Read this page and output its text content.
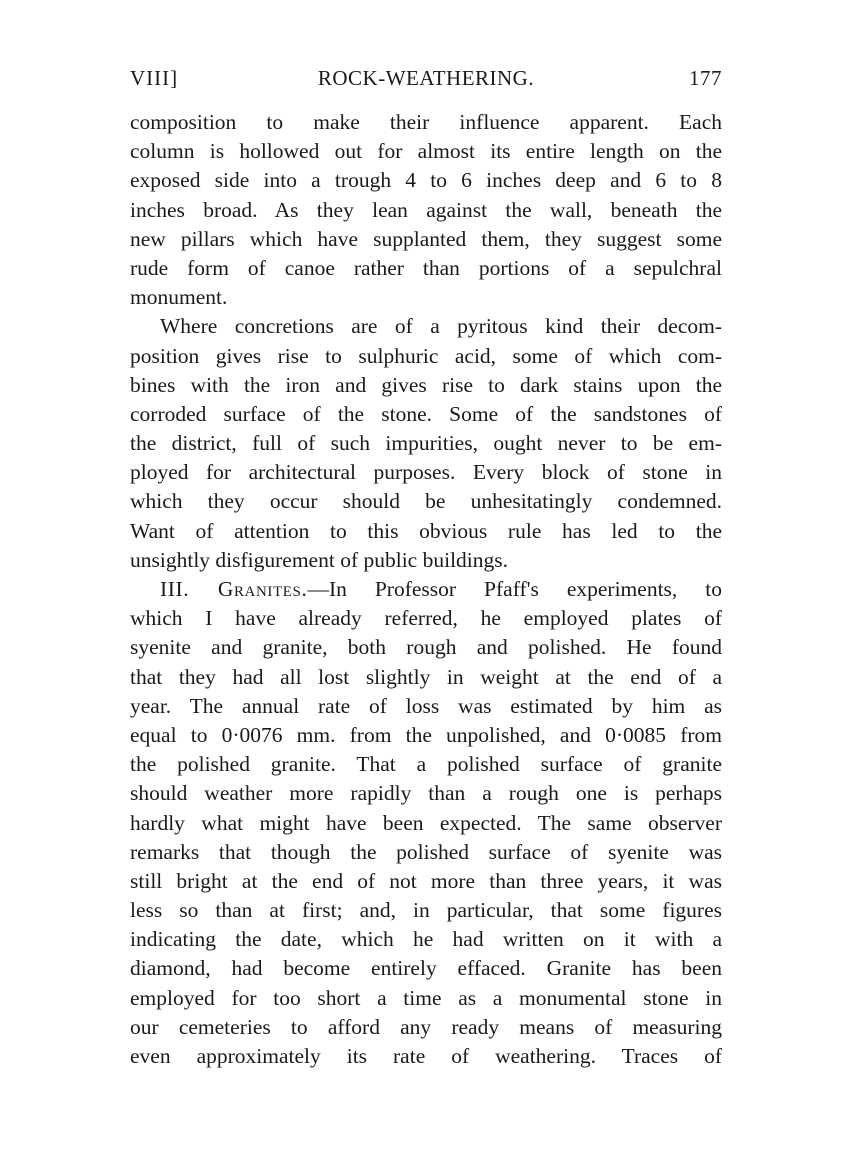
VIII]	ROCK-WEATHERING.	177
composition to make their influence apparent. Each
column is hollowed out for almost its entire length on the
exposed side into a trough 4 to 6 inches deep and 6 to 8
inches broad. As they lean against the wall, beneath the
new pillars which have supplanted them, they suggest some
rude form of canoe rather than portions of a sepulchral
monument.
Where concretions are of a pyritous kind their decom-
position gives rise to sulphuric acid, some of which com-
bines with the iron and gives rise to dark stains upon the
corroded surface of the stone. Some of the sandstones of
the district, full of such impurities, ought never to be em-
ployed for architectural purposes. Every block of stone in
which they occur should be unhesitatingly condemned.
Want of attention to this obvious rule has led to the
unsightly disfigurement of public buildings.
III. Granites.—In Professor Pfaff's experiments, to
which I have already referred, he employed plates of
syenite and granite, both rough and polished. He found
that they had all lost slightly in weight at the end of a
year. The annual rate of loss was estimated by him as
equal to 0·0076 mm. from the unpolished, and 0·0085 from
the polished granite. That a polished surface of granite
should weather more rapidly than a rough one is perhaps
hardly what might have been expected. The same observer
remarks that though the polished surface of syenite was
still bright at the end of not more than three years, it was
less so than at first; and, in particular, that some figures
indicating the date, which he had written on it with a
diamond, had become entirely effaced. Granite has been
employed for too short a time as a monumental stone in
our cemeteries to afford any ready means of measuring
even approximately its rate of weathering. Traces of
